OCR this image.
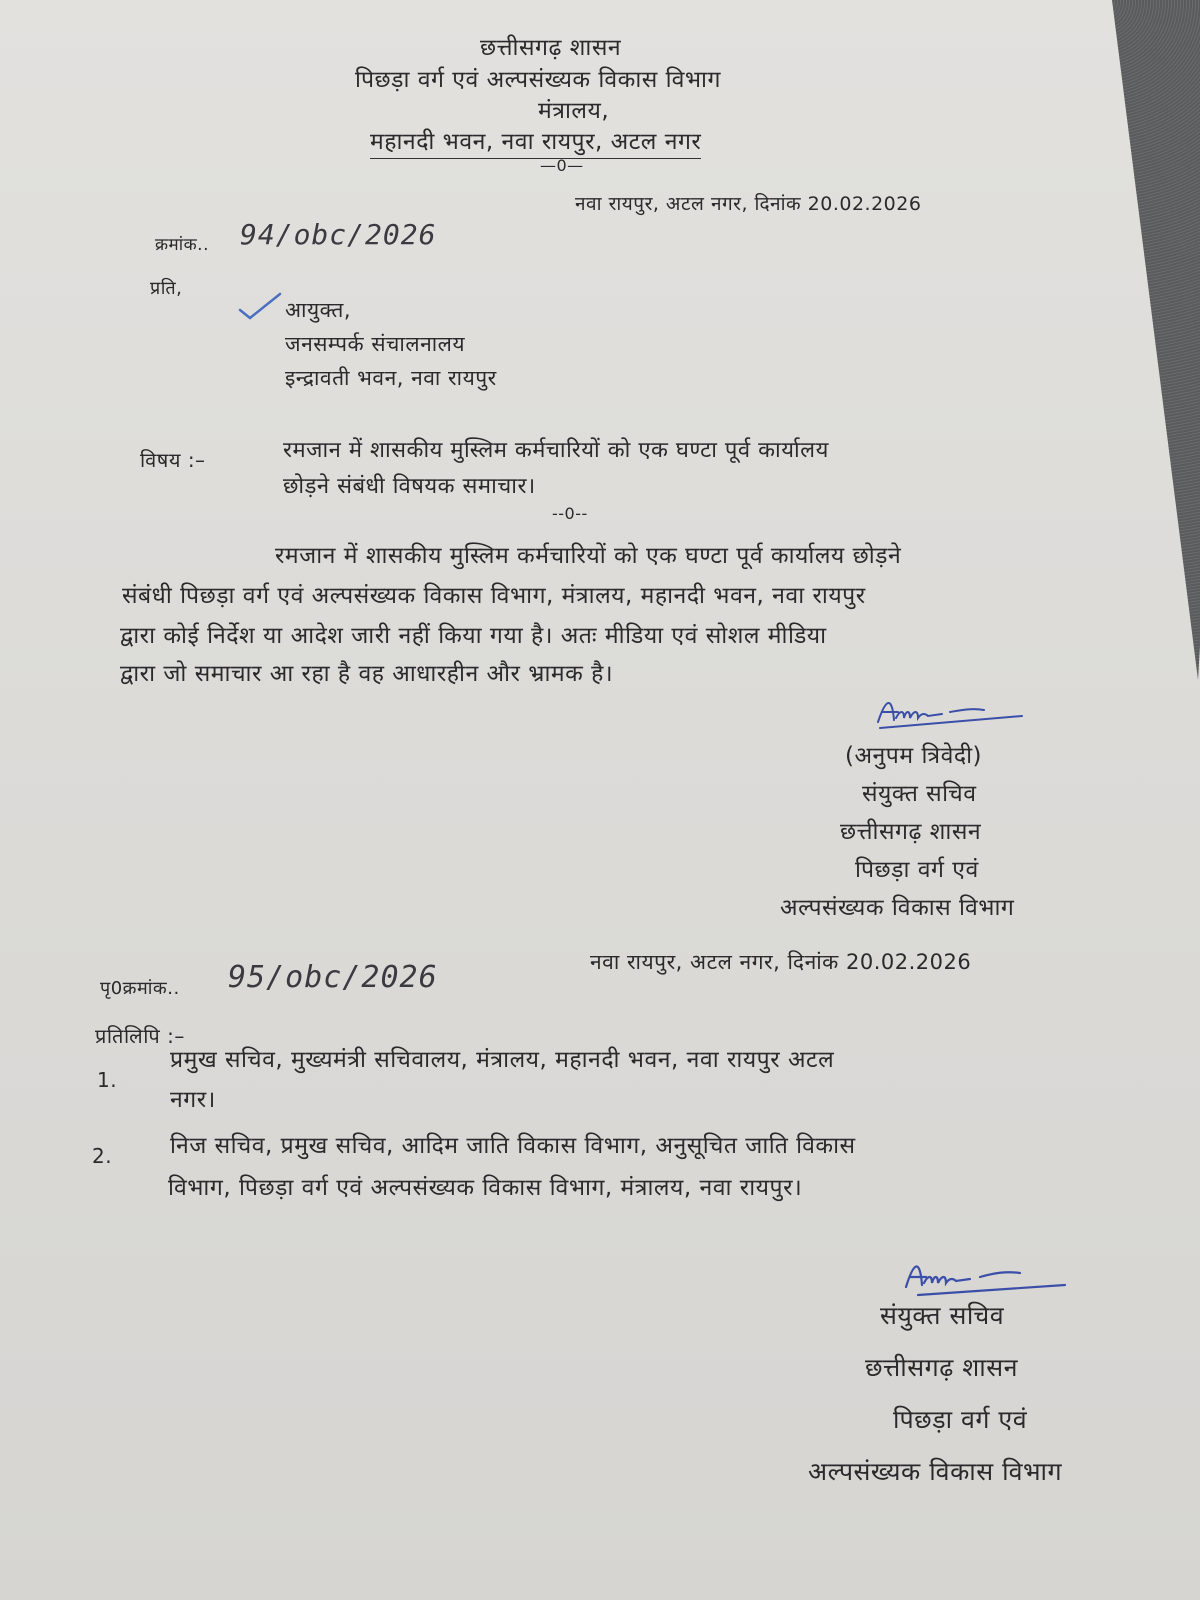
छत्तीसगढ़ शासन
पिछड़ा वर्ग एवं अल्पसंख्यक विकास विभाग
मंत्रालय,
महानदी भवन, नवा रायपुर, अटल नगर
—0—
क्रमांक.. 94/obc/2026
नवा रायपुर, अटल नगर, दिनांक 20.02.2026
प्रति,
आयुक्त,
जनसम्पर्क संचालनालय
इन्द्रावती भवन, नवा रायपुर
विषय :–	रमजान में शासकीय मुस्लिम कर्मचारियों को एक घण्टा पूर्व कार्यालय
छोड़ने संबंधी विषयक समाचार।
--0--
रमजान में शासकीय मुस्लिम कर्मचारियों को एक घण्टा पूर्व कार्यालय छोड़ने
संबंधी पिछड़ा वर्ग एवं अल्पसंख्यक विकास विभाग, मंत्रालय, महानदी भवन, नवा रायपुर
द्वारा कोई निर्देश या आदेश जारी नहीं किया गया है। अतः मीडिया एवं सोशल मीडिया
द्वारा जो समाचार आ रहा है वह आधारहीन और भ्रामक है।
(अनुपम त्रिवेदी)
संयुक्त सचिव
छत्तीसगढ़ शासन
पिछड़ा वर्ग एवं
अल्पसंख्यक विकास विभाग
पृ0क्रमांक.. 95/obc/2026	नवा रायपुर, अटल नगर, दिनांक 20.02.2026
प्रतिलिपि :–
1.
प्रमुख सचिव, मुख्यमंत्री सचिवालय, मंत्रालय, महानदी भवन, नवा रायपुर अटल
नगर।
2.	निज सचिव, प्रमुख सचिव, आदिम जाति विकास विभाग, अनुसूचित जाति विकास
विभाग, पिछड़ा वर्ग एवं अल्पसंख्यक विकास विभाग, मंत्रालय, नवा रायपुर।
संयुक्त सचिव
छत्तीसगढ़ शासन
पिछड़ा वर्ग एवं
अल्पसंख्यक विकास विभाग
